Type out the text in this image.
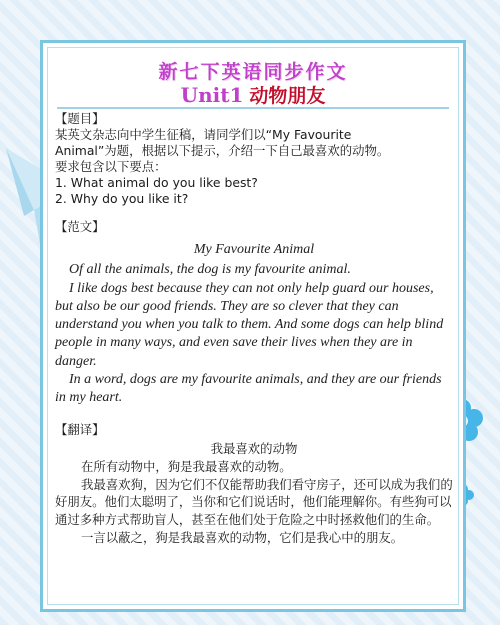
新七下英语同步作文
Unit1 动物朋友

【题目】

某英文杂志向中学生征稿，请同学们以“My Favourite

Animal”为题，根据以下提示，介绍一下自己最喜欢的动物。

要求包含以下要点：

1. What animal do you like best?

2. Why do you like it?

【范文】

My Favourite Animal

Of all the animals, the dog is my favourite animal.

I like dogs best because they can not only help guard our houses, but also be our good friends. They are so clever that they can understand you when you talk to them. And some dogs can help blind people in many ways, and even save their lives when they are in danger.

In a word, dogs are my favourite animals, and they are our friends in my heart.

【翻译】

我最喜欢的动物

在所有动物中，狗是我最喜欢的动物。

我最喜欢狗，因为它们不仅能帮助我们看守房子，还可以成为我们的好朋友。他们太聪明了，当你和它们说话时，他们能理解你。有些狗可以通过多种方式帮助盲人，甚至在他们处于危险之中时拯救他们的生命。

一言以蔽之，狗是我最喜欢的动物，它们是我心中的朋友。
